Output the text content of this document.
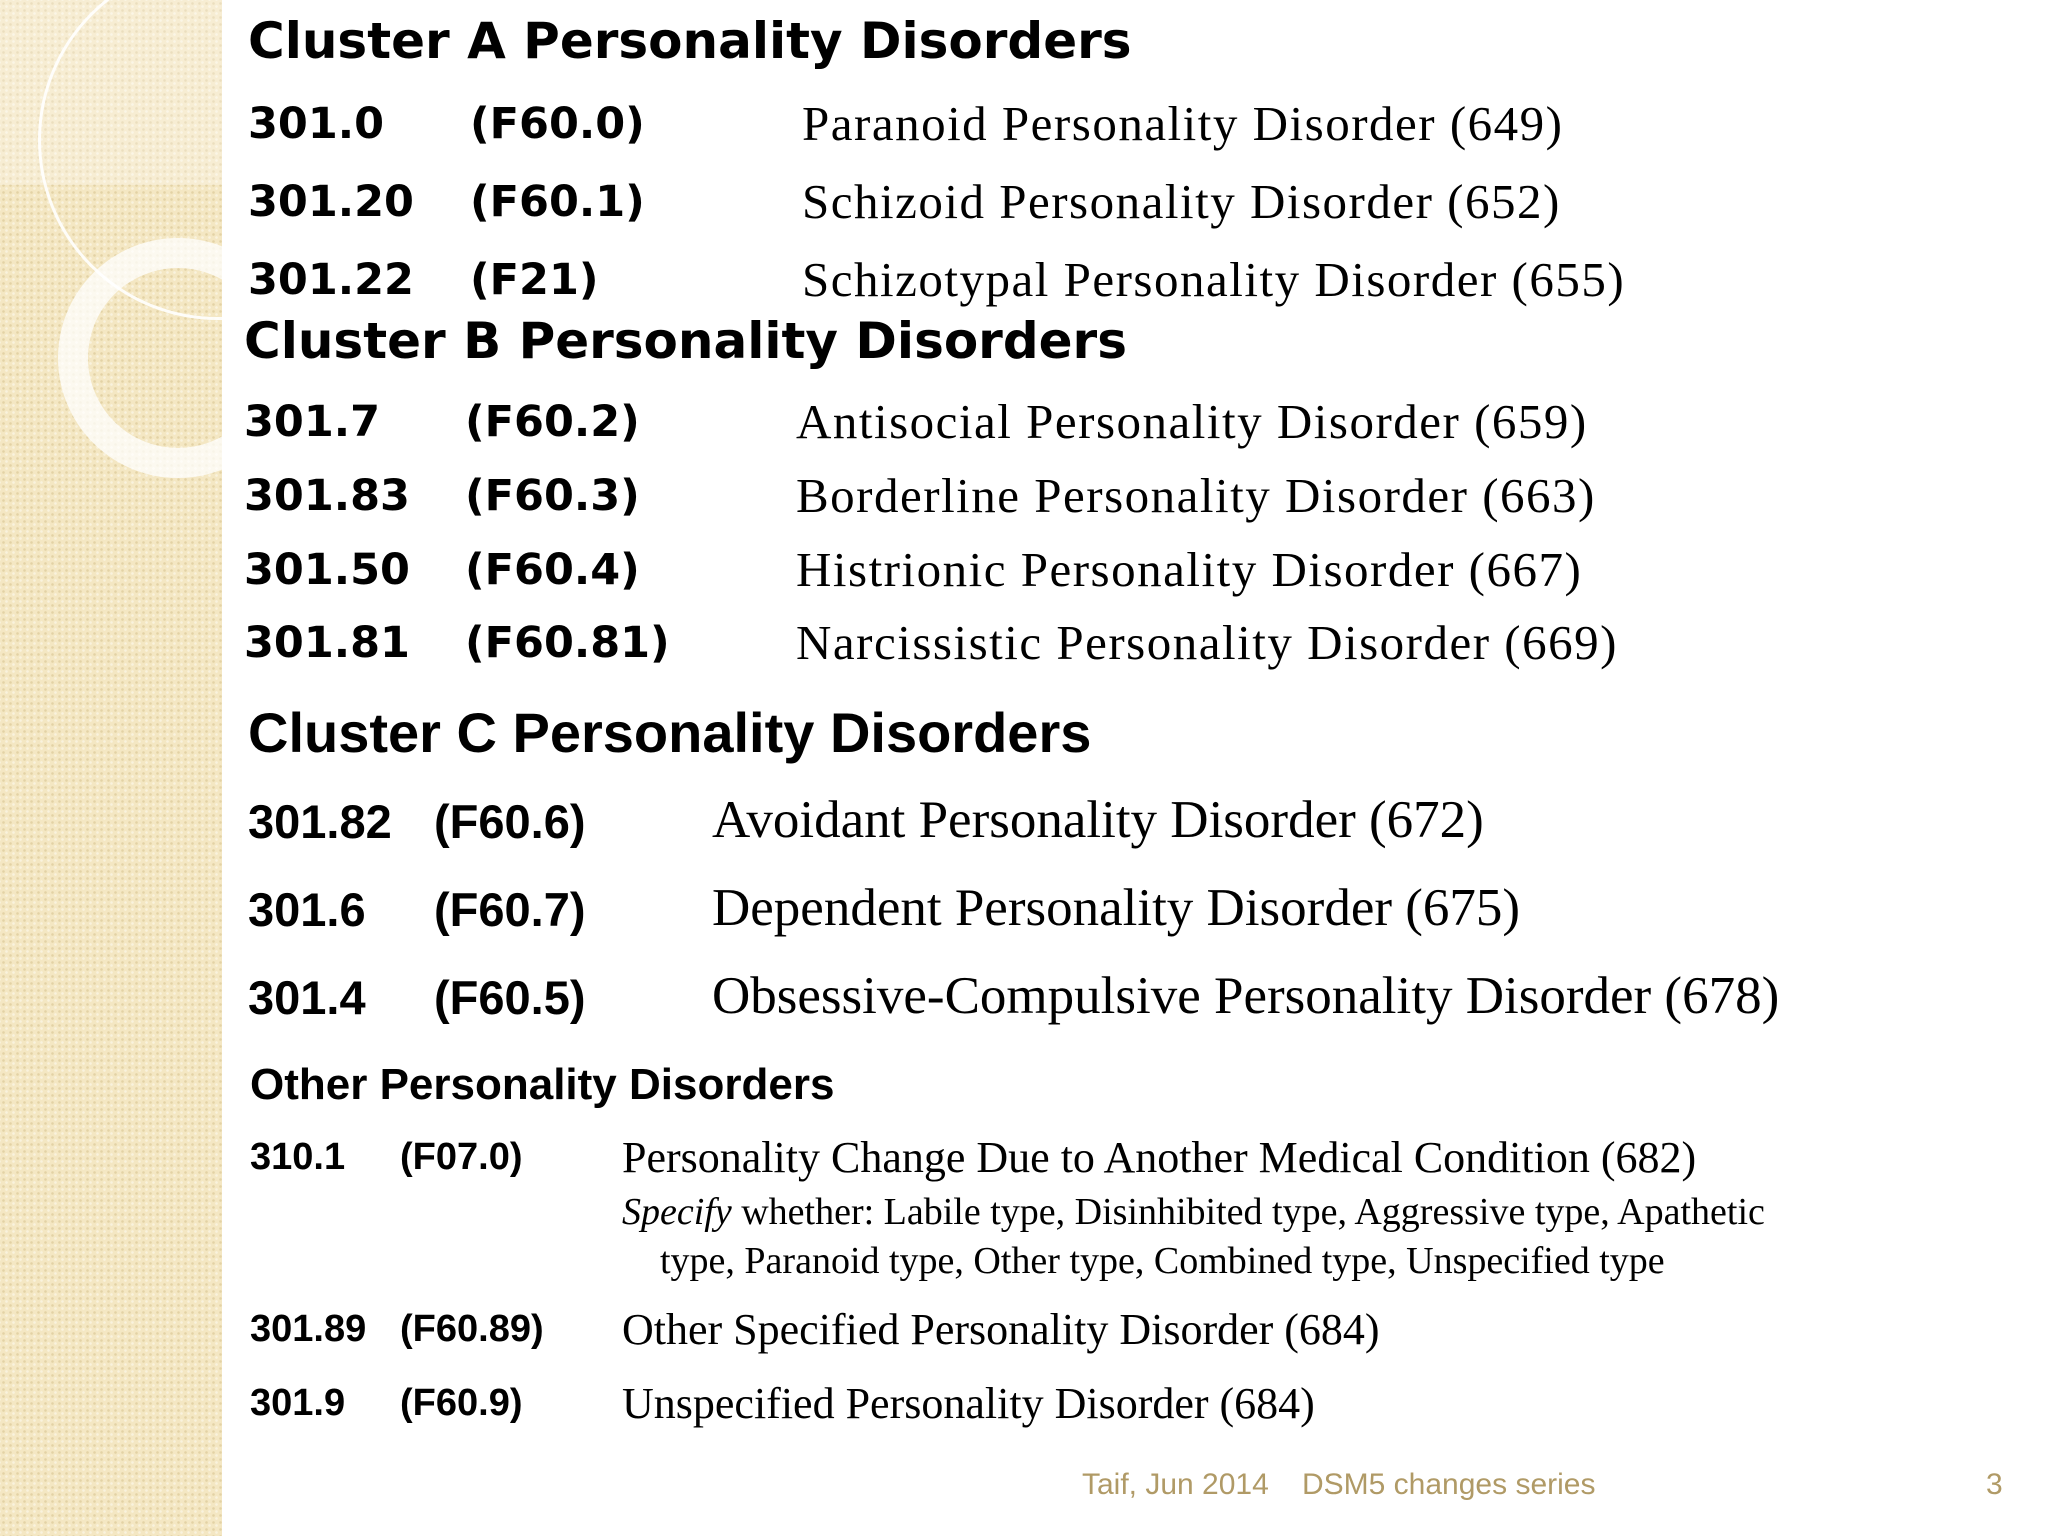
Cluster A Personality Disorders
301.0 (F60.0)	Paranoid Personality Disorder (649)
301.20 (F60.1)	Schizoid Personality Disorder (652)
301.22 (F21)	Schizotypal Personality Disorder (655)
Cluster B Personality Disorders
301.7 (F60.2)	Antisocial Personality Disorder (659)
301.83 (F60.3)	Borderline Personality Disorder (663)
301.50 (F60.4)	Histrionic Personality Disorder (667)
301.81 (F60.81)	Narcissistic Personality Disorder (669)
Cluster C Personality Disorders
301.82 (F60.6) Avoidant Personality Disorder (672)
301.6 (F60.7) Dependent Personality Disorder (675)
301.4 (F60.5) Obsessive-Compulsive Personality Disorder (678)
Other Personality Disorders
310.1 (F07.0) Personality Change Due to Another Medical Condition (682)
Specify whether: Labile type, Disinhibited type, Aggressive type, Apathetic
type, Paranoid type, Other type, Combined type, Unspecified type
301.89 (F60.89) Other Specified Personality Disorder (684)
301.9 (F60.9) Unspecified Personality Disorder (684)
Taif, Jun 2014 DSM5 changes series	3
